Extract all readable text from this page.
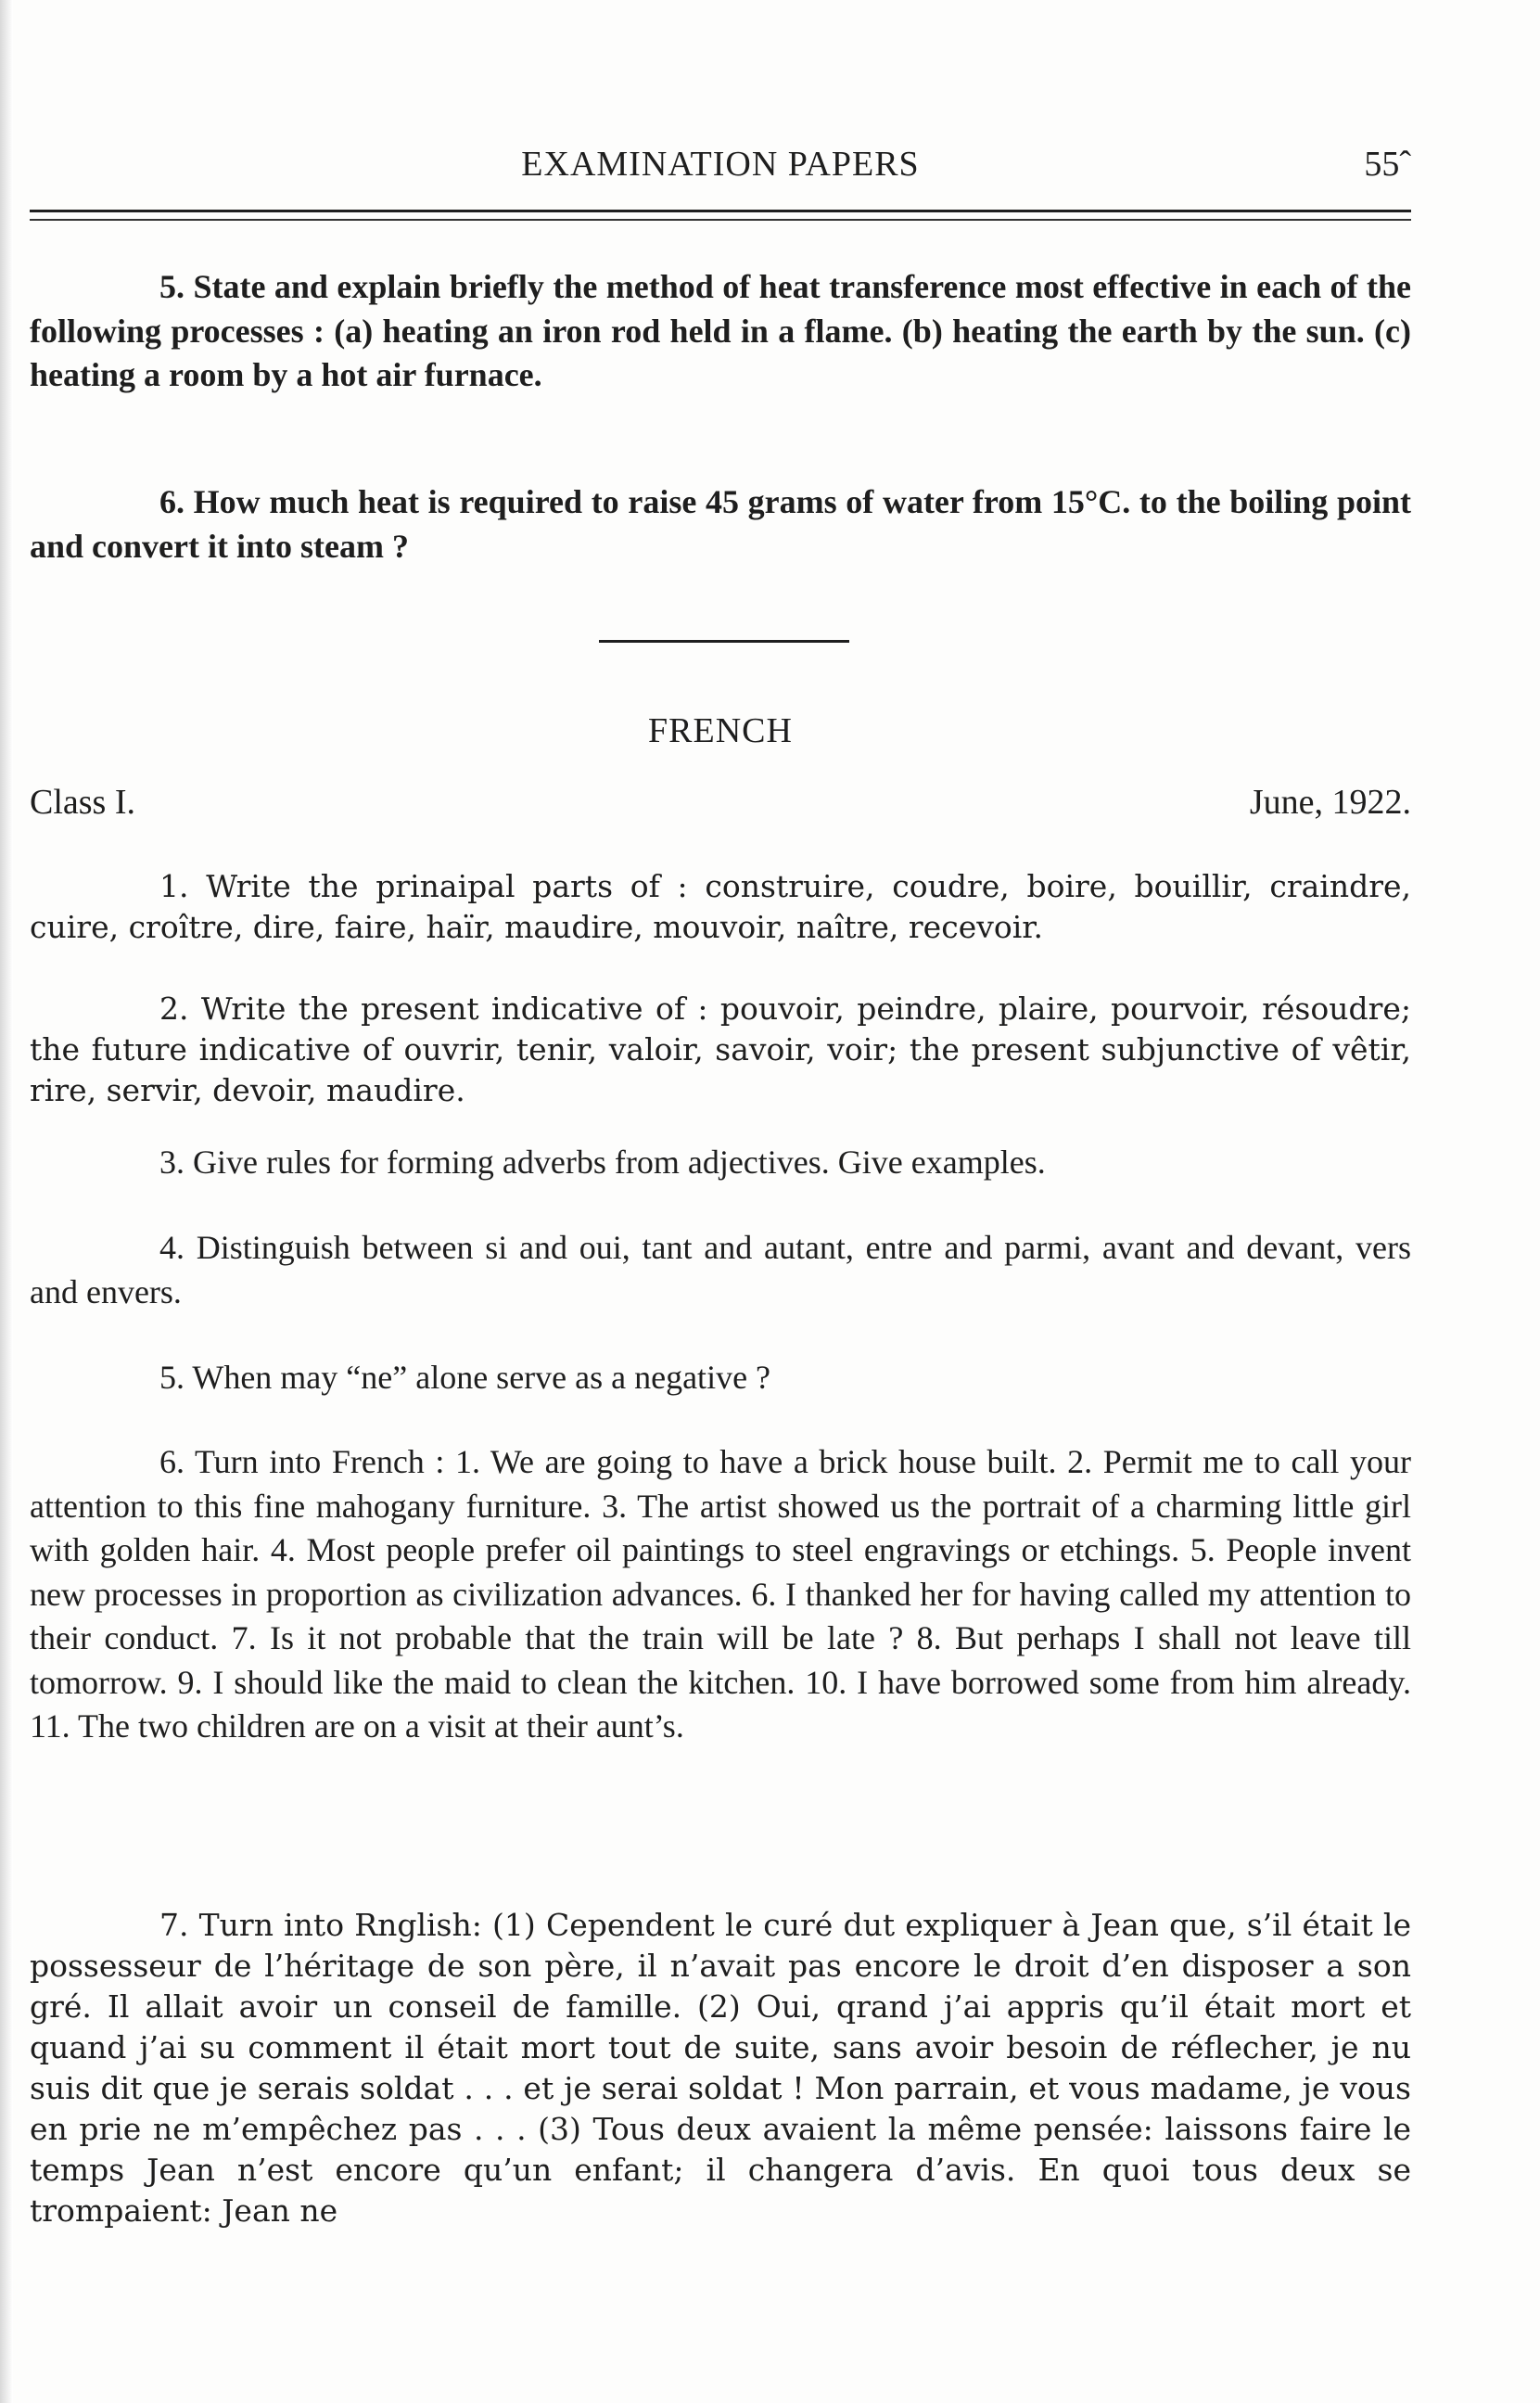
EXAMINATION PAPERS	55ˆ

5. State and explain briefly the method of heat transference most effective in each of the following processes : (a) heating an iron rod held in a flame. (b) heating the earth by the sun. (c) heating a room by a hot air furnace.

6. How much heat is required to raise 45 grams of water from 15°C. to the boiling point and convert it into steam ?

FRENCH
Class I.	June, 1922.

1. Write the prinaipal parts of : construire, coudre, boire, bouillir, craindre, cuire, croître, dire, faire, haïr, maudire, mouvoir, naître, recevoir.

2. Write the present indicative of : pouvoir, peindre, plaire, pourvoir, résoudre; the future indicative of ouvrir, tenir, valoir, savoir, voir; the present subjunctive of vêtir, rire, servir, devoir, maudire.

3. Give rules for forming adverbs from adjectives. Give examples.

4. Distinguish between si and oui, tant and autant, entre and parmi, avant and devant, vers and envers.

5. When may “ne” alone serve as a negative ?

6. Turn into French : 1. We are going to have a brick house built. 2. Permit me to call your attention to this fine mahogany furniture. 3. The artist showed us the portrait of a charming little girl with golden hair. 4. Most people prefer oil paintings to steel engravings or etchings. 5. People invent new processes in proportion as civilization advances. 6. I thanked her for having called my attention to their conduct. 7. Is it not probable that the train will be late ? 8. But perhaps I shall not leave till tomorrow. 9. I should like the maid to clean the kitchen. 10. I have borrowed some from him already. 11. The two children are on a visit at their aunt’s.

7. Turn into Rnglish: (1) Cependent le curé dut expliquer à Jean que, s’il était le possesseur de l’héritage de son père, il n’avait pas encore le droit d’en disposer a son gré. Il allait avoir un conseil de famille. (2) Oui, qrand j’ai appris qu’il était mort et quand j’ai su comment il était mort tout de suite, sans avoir besoin de réflecher, je nu suis dit que je serais soldat . . . et je serai soldat ! Mon parrain, et vous madame, je vous en prie ne m’empêchez pas . . . (3) Tous deux avaient la même pensée: laissons faire le temps Jean n’est encore qu’un enfant; il changera d’avis. En quoi tous deux se trompaient: Jean ne
